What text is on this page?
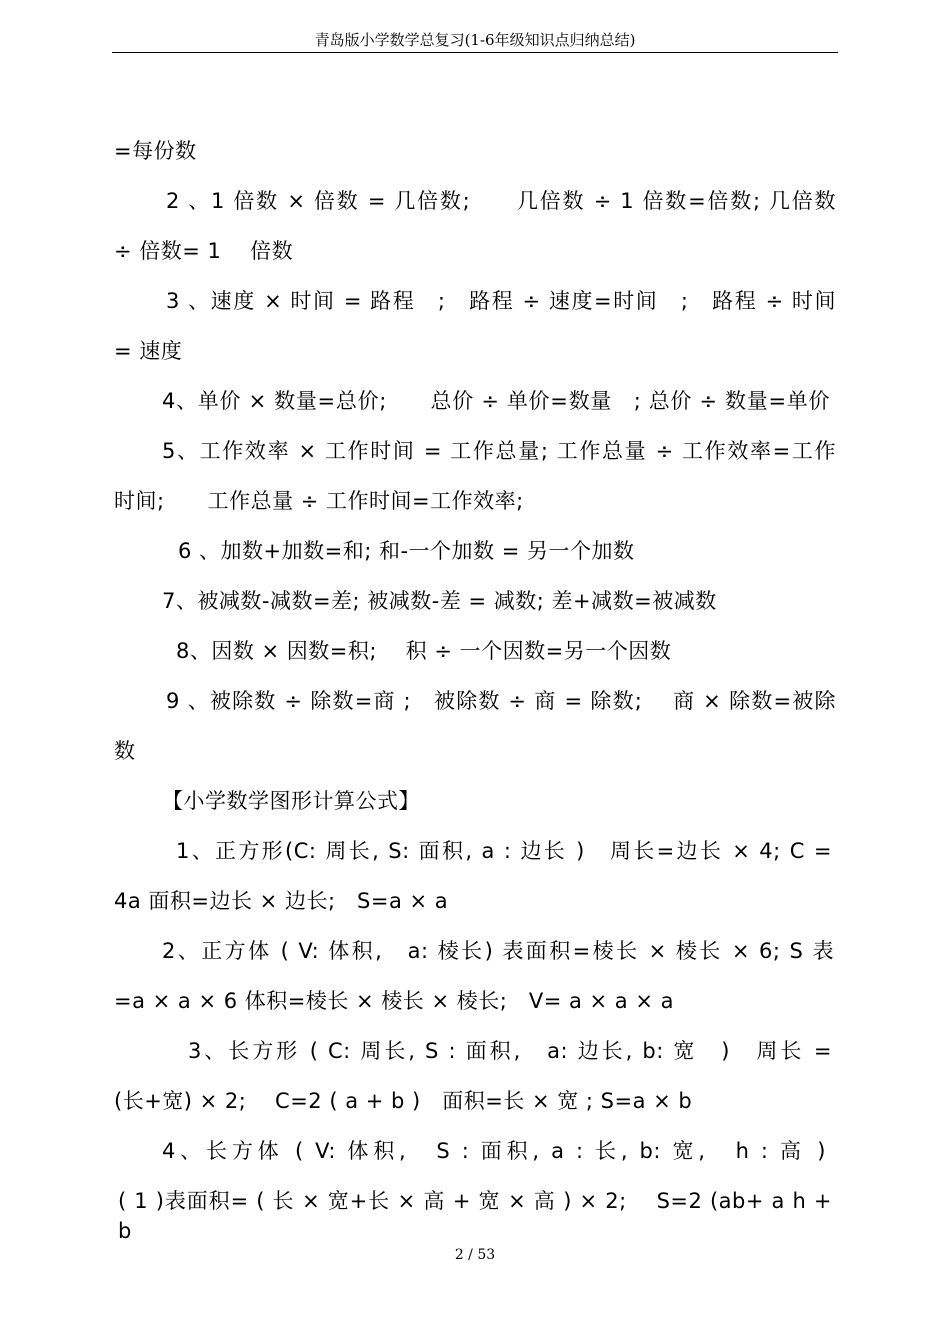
青岛版小学数学总复习(1-6年级知识点归纳总结)
=每份数
2 、1 倍数 × 倍数 = 几倍数;　　几倍数 ÷ 1 倍数=倍数; 几倍数
÷ 倍数= 1　 倍数
3 、速度 × 时间 = 路程　;　路程 ÷ 速度=时间　;　路程 ÷ 时间
= 速度
4、单价 × 数量=总价;　　总价 ÷ 单价=数量　; 总价 ÷ 数量=单价
5、工作效率 × 工作时间 = 工作总量; 工作总量 ÷ 工作效率=工作
时间;　　工作总量 ÷ 工作时间=工作效率;
6 、加数+加数=和; 和-一个加数 = 另一个加数
7、被减数-减数=差; 被减数-差 = 减数; 差+减数=被减数
8、因数 × 因数=积;　 积 ÷ 一个因数=另一个因数
9 、被除数 ÷ 除数=商 ;　被除数 ÷ 商 = 除数;　 商 × 除数=被除
数
【小学数学图形计算公式】
1、正方形(C: 周长, S: 面积, a : 边长 )　周长=边长 × 4; C =
4a 面积=边长 × 边长;　S=a × a
2、正方体 ( V: 体积,　a: 棱长) 表面积=棱长 × 棱长 × 6; S 表
=a × a × 6 体积=棱长 × 棱长 × 棱长;　V= a × a × a
3、长方形 ( C: 周长, S : 面积,　a: 边长, b: 宽　)　周长 =
(长+宽) × 2;　 C=2 ( a + b )　面积=长 × 宽 ; S=a × b
4、长方体 ( V: 体积,　S : 面积, a : 长, b: 宽,　h : 高 )
( 1 )表面积= ( 长 × 宽+长 × 高 + 宽 × 高 ) × 2;　 S=2 (ab+ a h + b
2 / 53
